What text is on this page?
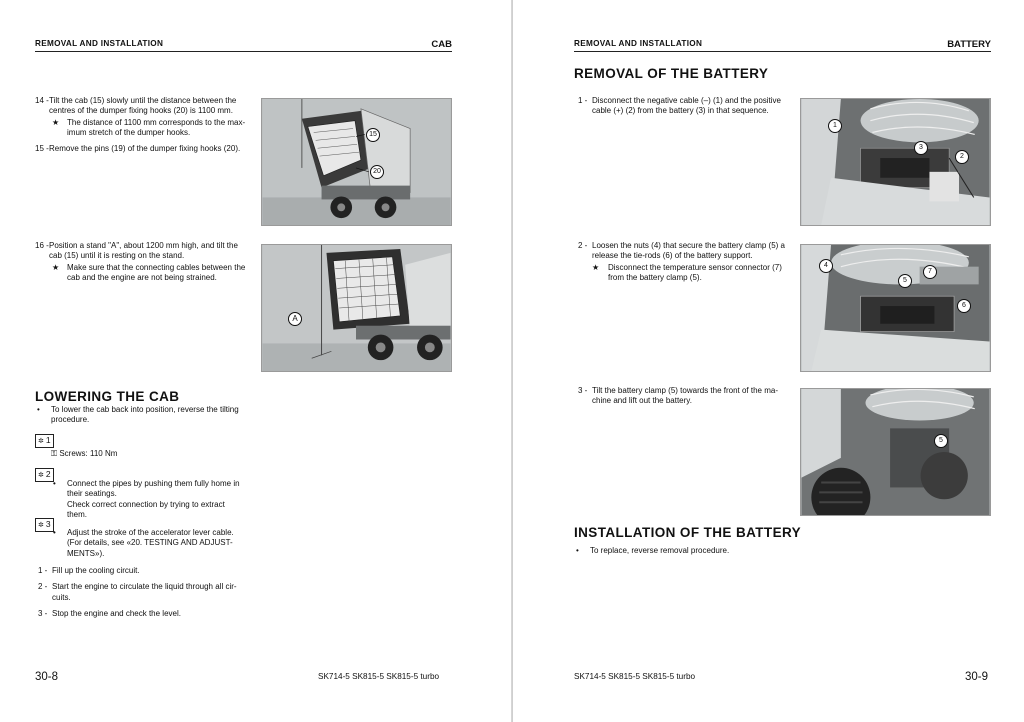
REMOVAL AND INSTALLATION	CAB
14 - Tilt the cab (15) slowly until the distance between the centres of the dumper fixing hooks (20) is 1100 mm.
★ The distance of 1100 mm corresponds to the max-imum stretch of the dumper hooks.
15 - Remove the pins (19) of the dumper fixing hooks (20).
15
20
16 - Position a stand "A", about 1200 mm high, and tilt the cab (15) until it is resting on the stand.
★ Make sure that the connecting cables between the cab and the engine are not being strained.
A
LOWERING THE CAB
• To lower the cab back into position, reverse the tilting procedure.
✲ 1
⚿ Screws: 110 Nm
✲ 2
• Connect the pipes by pushing them fully home in their seatings.
Check correct connection by trying to extract them.
✲ 3
• Adjust the stroke of the accelerator lever cable. (For details, see «20. TESTING AND ADJUST-MENTS»).
1 - Fill up the cooling circuit.
2 - Start the engine to circulate the liquid through all cir-cuits.
3 - Stop the engine and check the level.
30-8	SK714-5 SK815-5 SK815-5 turbo
REMOVAL AND INSTALLATION	BATTERY
REMOVAL OF THE BATTERY
1 - Disconnect the negative cable (–) (1) and the positive cable (+) (2) from the battery (3) in that sequence.
1
3
2
2 - Loosen the nuts (4) that secure the battery clamp (5) a release the tie-rods (6) of the battery support.
★ Disconnect the temperature sensor connector (7) from the battery clamp (5).
4
5
7
6
3 - Tilt the battery clamp (5) towards the front of the ma-chine and lift out the battery.
5
INSTALLATION OF THE BATTERY
• To replace, reverse removal procedure.
SK714-5 SK815-5 SK815-5 turbo	30-9
